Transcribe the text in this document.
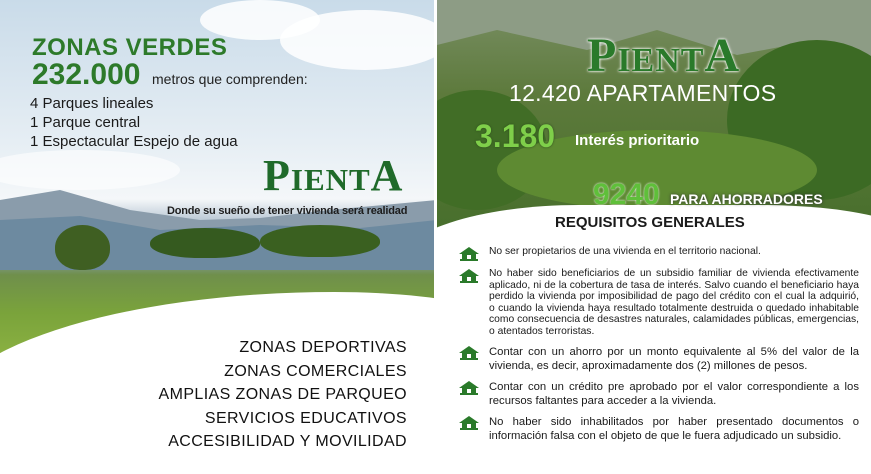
ZONAS VERDES
232.000 metros que comprenden:
4 Parques lineales
1 Parque central
1 Espectacular Espejo de agua
PientA
Donde su sueño de tener vivienda será realidad
ZONAS DEPORTIVAS
ZONAS COMERCIALES
AMPLIAS ZONAS DE PARQUEO
SERVICIOS EDUCATIVOS
ACCESIBILIDAD Y MOVILIDAD
PientA
12.420 APARTAMENTOS
3.180 Interés prioritario
9240 PARA AHORRADORES
REQUISITOS GENERALES
No ser propietarios de una vivienda en el territorio nacional.
No haber sido beneficiarios de un subsidio familiar de vivienda efectivamente aplicado, ni de la cobertura de tasa de interés. Salvo cuando el beneficiario haya perdido la vivienda por imposibilidad de pago del crédito con el cual la adquirió, o cuando la vivienda haya resultado totalmente destruida o quedado inhabitable como consecuencia de desastres naturales, calamidades públicas, emergencias, o atentados terroristas.
Contar con un ahorro por un monto equivalente al 5% del valor de la vivienda, es decir, aproximadamente dos (2) millones de pesos.
Contar con un crédito pre aprobado por el valor correspondiente a los recursos faltantes para acceder a la vivienda.
No haber sido inhabilitados por haber presentado documentos o información falsa con el objeto de que le fuera adjudicado un subsidio.
